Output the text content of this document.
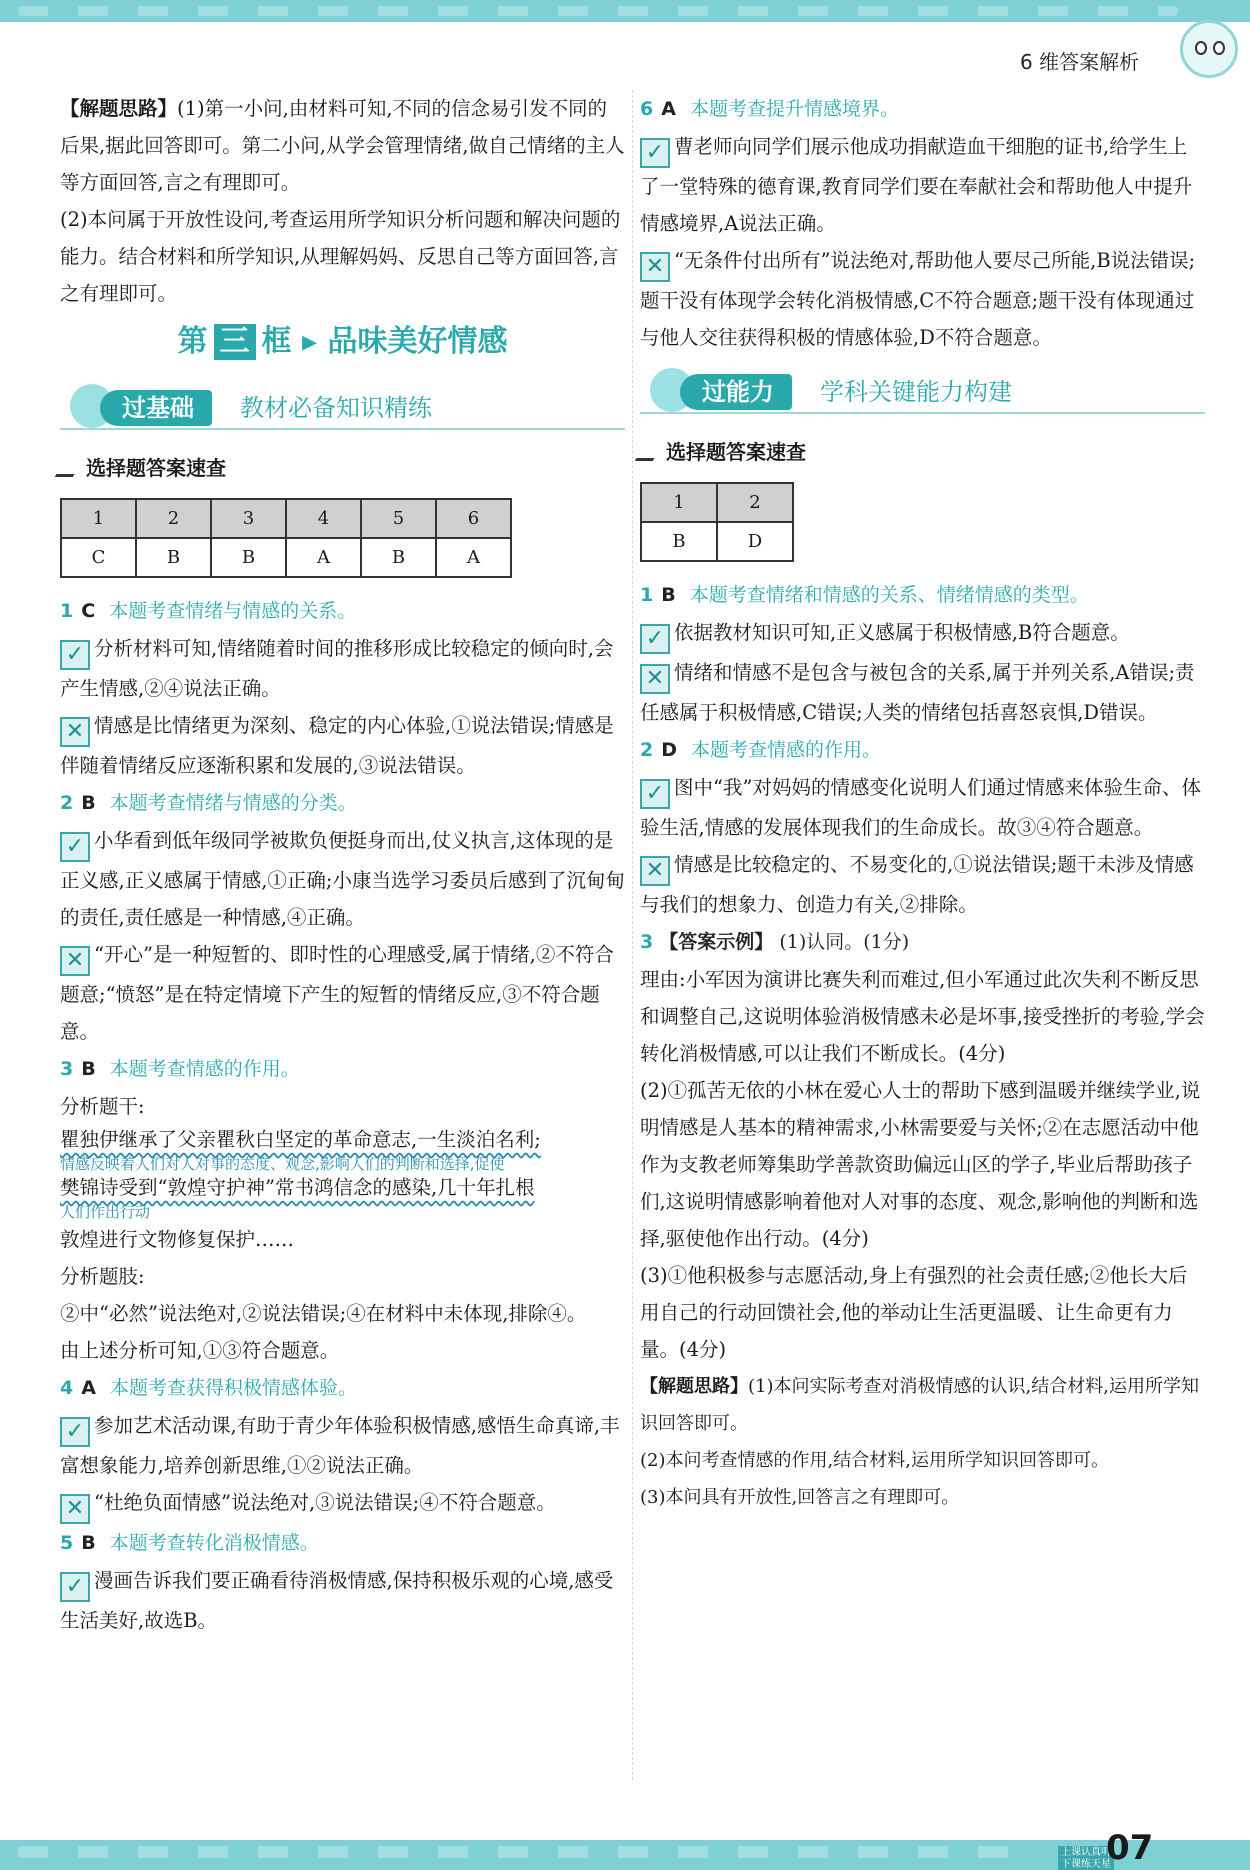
6 维答案解析

【解题思路】(1)第一小问,由材料可知,不同的信念易引发不同的后果,据此回答即可。第二小问,从学会管理情绪,做自己情绪的主人等方面回答,言之有理即可。

(2)本问属于开放性设问,考查运用所学知识分析问题和解决问题的能力。结合材料和所学知识,从理解妈妈、反思自己等方面回答,言之有理即可。

第 三 框 ▸ 品味美好情感
过基础	教材必备知识精练
选择题答案速查
1	2	3	4	5	6
C	B	B	A	B	A
1 C 本题考查情绪与情感的关系。

✓ 分析材料可知,情绪随着时间的推移形成比较稳定的倾向时,会产生情感,②④说法正确。

✕ 情感是比情绪更为深刻、稳定的内心体验,①说法错误;情感是伴随着情绪反应逐渐积累和发展的,③说法错误。

2 B 本题考查情绪与情感的分类。

✓ 小华看到低年级同学被欺负便挺身而出,仗义执言,这体现的是正义感,正义感属于情感,①正确;小康当选学习委员后感到了沉甸甸的责任,责任感是一种情感,④正确。

✕ “开心”是一种短暂的、即时性的心理感受,属于情绪,②不符合题意;“愤怒”是在特定情境下产生的短暂的情绪反应,③不符合题意。

3 B 本题考查情感的作用。

分析题干:

瞿独伊继承了父亲瞿秋白坚定的革命意志,一生淡泊名利;

情感反映着人们对人对事的态度、观念,影响人们的判断和选择,促使

樊锦诗受到“敦煌守护神”常书鸿信念的感染,几十年扎根

人们作出行动

敦煌进行文物修复保护……

分析题肢:

②中“必然”说法绝对,②说法错误;④在材料中未体现,排除④。

由上述分析可知,①③符合题意。

4 A 本题考查获得积极情感体验。

✓ 参加艺术活动课,有助于青少年体验积极情感,感悟生命真谛,丰富想象能力,培养创新思维,①②说法正确。

✕ “杜绝负面情感”说法绝对,③说法错误;④不符合题意。

5 B 本题考查转化消极情感。

✓ 漫画告诉我们要正确看待消极情感,保持积极乐观的心境,感受生活美好,故选B。

6 A 本题考查提升情感境界。

✓ 曹老师向同学们展示他成功捐献造血干细胞的证书,给学生上了一堂特殊的德育课,教育同学们要在奉献社会和帮助他人中提升情感境界,A说法正确。

✕ “无条件付出所有”说法绝对,帮助他人要尽己所能,B说法错误;题干没有体现学会转化消极情感,C不符合题意;题干没有体现通过与他人交往获得积极的情感体验,D不符合题意。

过能力	学科关键能力构建
选择题答案速查
1	2
B	D
1 B 本题考查情绪和情感的关系、情绪情感的类型。

✓ 依据教材知识可知,正义感属于积极情感,B符合题意。

✕ 情绪和情感不是包含与被包含的关系,属于并列关系,A错误;责任感属于积极情感,C错误;人类的情绪包括喜怒哀惧,D错误。

2 D 本题考查情感的作用。

✓ 图中“我”对妈妈的情感变化说明人们通过情感来体验生命、体验生活,情感的发展体现我们的生命成长。故③④符合题意。

✕ 情感是比较稳定的、不易变化的,①说法错误;题干未涉及情感与我们的想象力、创造力有关,②排除。

3 【答案示例】 (1)认同。(1分)

理由:小军因为演讲比赛失利而难过,但小军通过此次失利不断反思和调整自己,这说明体验消极情感未必是坏事,接受挫折的考验,学会转化消极情感,可以让我们不断成长。(4分)

(2)①孤苦无依的小林在爱心人士的帮助下感到温暖并继续学业,说明情感是人基本的精神需求,小林需要爱与关怀;②在志愿活动中他作为支教老师筹集助学善款资助偏远山区的学子,毕业后帮助孩子们,这说明情感影响着他对人对事的态度、观念,影响他的判断和选择,驱使他作出行动。(4分)

(3)①他积极参与志愿活动,身上有强烈的社会责任感;②他长大后用自己的行动回馈社会,他的举动让生活更温暖、让生命更有力量。(4分)

【解题思路】(1)本问实际考查对消极情感的认识,结合材料,运用所学知识回答即可。

(2)本问考查情感的作用,结合材料,运用所学知识回答即可。

(3)本问具有开放性,回答言之有理即可。

上课认真听
下课练天星
07
